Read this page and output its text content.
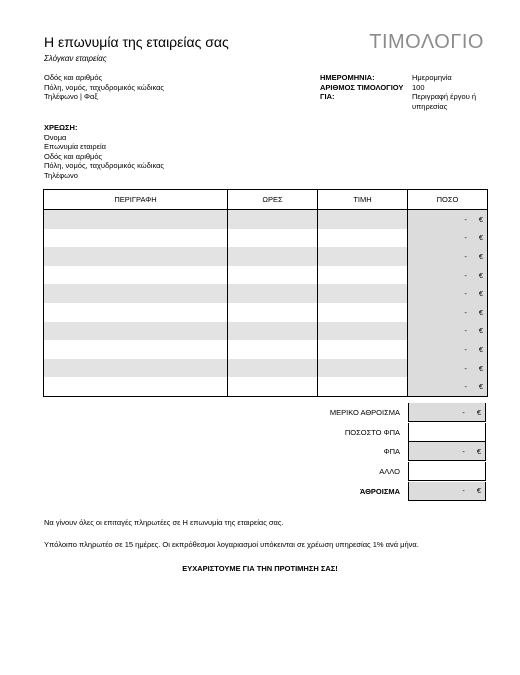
Η επωνυμία της εταιρείας σας
Σλόγκαν εταιρείας
ΤΙΜΟΛΟΓΙΟ
Οδός και αριθμός
Πόλη, νομός, ταχυδρομικός κώδικας
Τηλέφωνο | Φαξ
ΗΜΕΡΟΜΗΝΙΑ:	Ημερομηνία
ΑΡΙΘΜΟΣ ΤΙΜΟΛΟΓΙΟΥ	100
ΓΙΑ:	Περιγραφή έργου ή
υπηρεσίας
ΧΡΕΩΣΗ:
Όνομα
Επωνυμία εταιρεία
Οδός και αριθμός
Πόλη, νομός, ταχυδρομικός κώδικας
Τηλέφωνο
ΠΕΡΙΓΡΑΦΗ	ΩΡΕΣ	ΤΙΜΗ	ΠΟΣΟ
			- €
			- €
			- €
			- €
			- €
			- €
			- €
			- €
			- €
			- €
ΜΕΡΙΚΟ ΑΘΡΟΙΣΜΑ	- €
ΠΟΣΟΣΤΟ ΦΠΑ
ΦΠΑ	- €
ΑΛΛΟ
ΆΘΡΟΙΣΜΑ	- €
Να γίνουν όλες οι επιταγές πληρωτέες σε Η επωνυμία της εταιρείας σας.
Υπόλοιπο πληρωτέο σε 15 ημέρες. Οι εκπρόθεσμοι λογαριασμοί υπόκεινται σε χρέωση υπηρεσίας 1% ανά μήνα.
ΕΥΧΑΡΙΣΤΟΥΜΕ ΓΙΑ ΤΗΝ ΠΡΟΤΙΜΗΣΗ ΣΑΣ!
